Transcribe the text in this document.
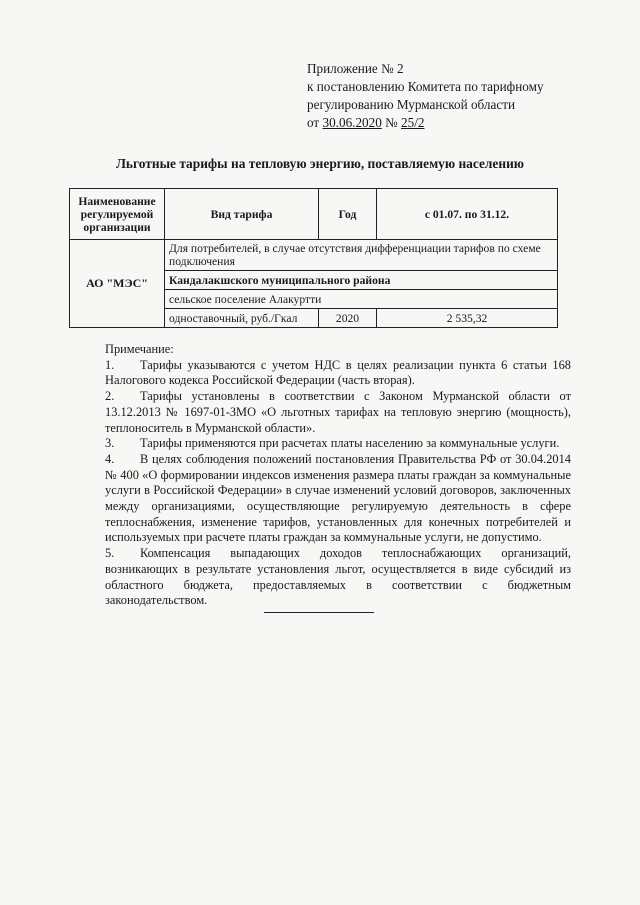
Приложение № 2
к постановлению Комитета по тарифному
регулированию Мурманской области
от 30.06.2020 № 25/2
Льготные тарифы на тепловую энергию, поставляемую населению
Наименование регулируемой организации	Вид тарифа	Год	с 01.07. по 31.12.
АО "МЭС"	Для потребителей, в случае отсутствия дифференциации тарифов по схеме подключения		
	Кандалакшского муниципального района		
	сельское поселение Алакуртти		
	одноставочный, руб./Гкал	2020	2 535,32

Примечание:

1. Тарифы указываются с учетом НДС в целях реализации пункта 6 статьи 168 Налогового кодекса Российской Федерации (часть вторая).

2. Тарифы установлены в соответствии с Законом Мурманской области от 13.12.2013 № 1697-01-ЗМО «О льготных тарифах на тепловую энергию (мощность), теплоноситель в Мурманской области».

3. Тарифы применяются при расчетах платы населению за коммунальные услуги.

4. В целях соблюдения положений постановления Правительства РФ от 30.04.2014 № 400 «О формировании индексов изменения размера платы граждан за коммунальные услуги в Российской Федерации» в случае изменений условий договоров, заключенных между организациями, осуществляющие регулируемую деятельность в сфере теплоснабжения, изменение тарифов, установленных для конечных потребителей и используемых при расчете платы граждан за коммунальные услуги, не допустимо.

5. Компенсация выпадающих доходов теплоснабжающих организаций, возникающих в результате установления льгот, осуществляется в виде субсидий из областного бюджета, предоставляемых в соответствии с бюджетным законодательством.
